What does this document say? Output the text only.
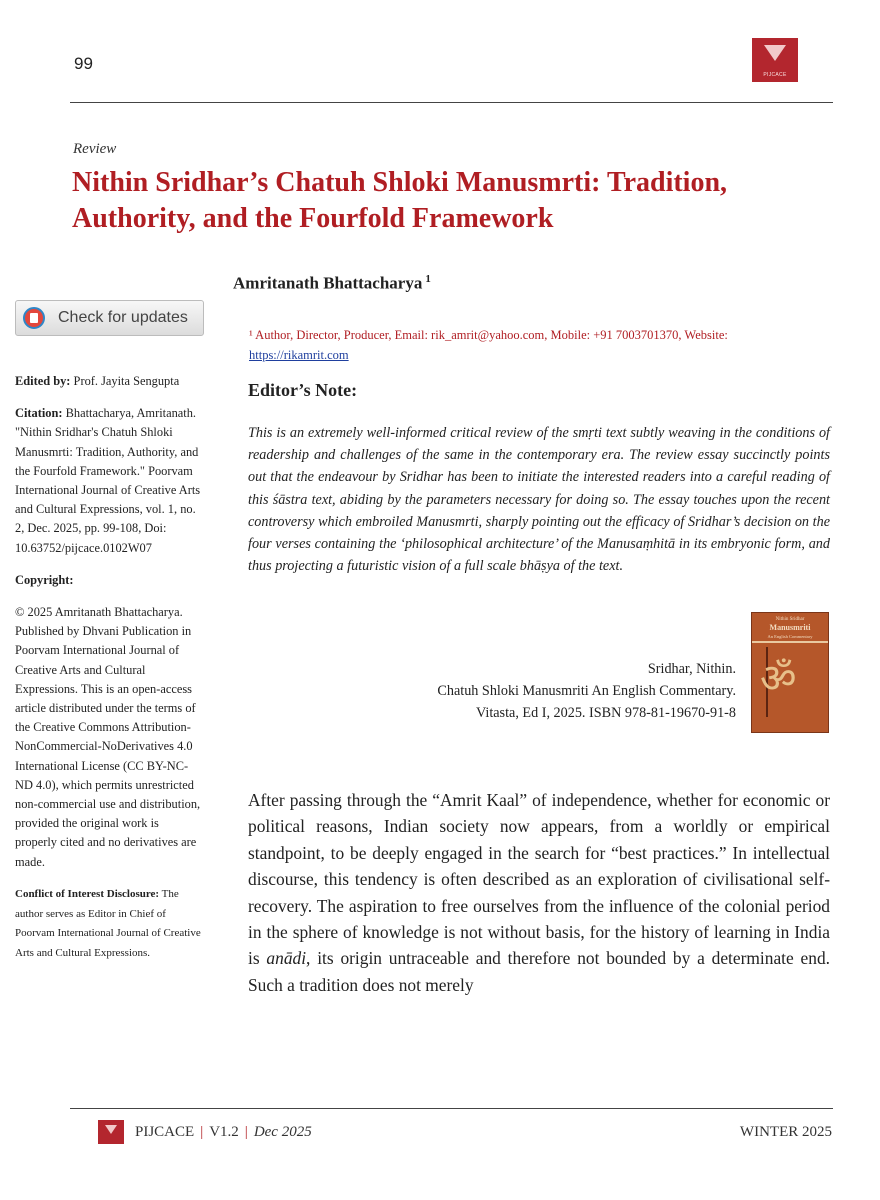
99
PIJCACE
Review
Nithin Sridhar’s Chatuh Shloki Manusmrti: Tradition, Authority, and the Fourfold Framework
Amritanath Bhattacharya $^1$
Check for updates
¹ Author, Director, Producer, Email: rik_amrit@yahoo.com, Mobile: +91 7003701370, Website:
https://rikamrit.com

Edited by: Prof. Jayita Sengupta

Citation: Bhattacharya, Amritanath. "Nithin Sridhar's Chatuh Shloki Manusmrti: Tradition, Authority, and the Fourfold Framework." Poorvam International Journal of Creative Arts and Cultural Expressions, vol. 1, no. 2, Dec. 2025, pp. 99-108, Doi: 10.63752/pijcace.0102W07

Copyright:

© 2025 Amritanath Bhattacharya. Published by Dhvani Publication in Poorvam International Journal of Creative Arts and Cultural Expressions. This is an open-access article distributed under the terms of the Creative Commons Attribution-NonCommercial-NoDerivatives 4.0 International License (CC BY-NC-ND 4.0), which permits unrestricted non-commercial use and distribution, provided the original work is properly cited and no derivatives are made.

Conflict of Interest Disclosure: The author serves as Editor in Chief of Poorvam International Journal of Creative Arts and Cultural Expressions.

Editor’s Note:
This is an extremely well-informed critical review of the smṛti text subtly weaving in the conditions of readership and challenges of the same in the contemporary era. The review essay succinctly points out that the endeavour by Sridhar has been to initiate the interested readers into a careful reading of this śāstra text, abiding by the parameters necessary for doing so. The essay touches upon the recent controversy which embroiled Manusmrti, sharply pointing out the efficacy of Sridhar’s decision on the four verses containing the ‘philosophical architecture’ of the Manusaṃhitā in its embryonic form, and thus projecting a futuristic vision of a full scale bhāṣya of the text.
Sridhar, Nithin.
Chatuh Shloki Manusmriti An English Commentary.
Vitasta, Ed I, 2025. ISBN 978-81-19670-91-8
Nithin Sridhar
Manusmriti
An English Commentary
ॐ
After passing through the “Amrit Kaal” of independence, whether for economic or political reasons, Indian society now appears, from a worldly or empirical standpoint, to be deeply engaged in the search for “best practices.” In intellectual discourse, this tendency is often described as an exploration of civilisational self-recovery. The aspiration to free ourselves from the influence of the colonial period in the sphere of knowledge is not without basis, for the history of learning in India is anādi, its origin untraceable and therefore not bounded by a determinate end. Such a tradition does not merely
PIJCACE | V1.2 | Dec 2025	WINTER 2025
